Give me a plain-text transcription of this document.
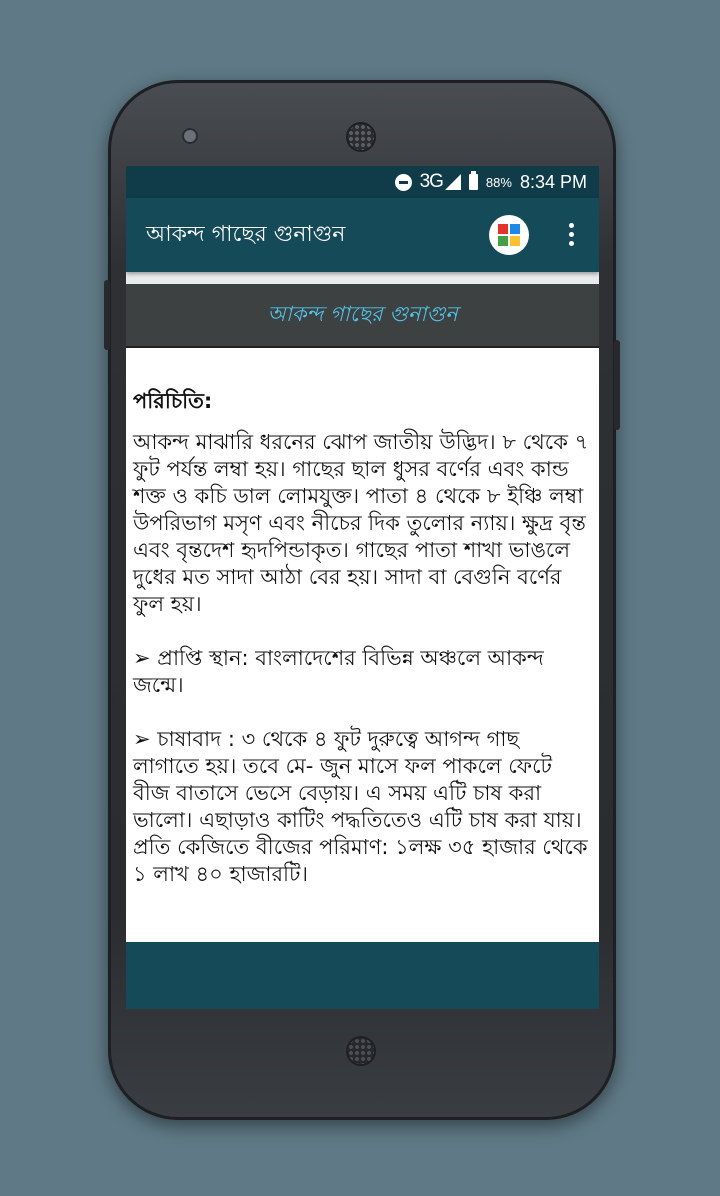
3G	88% 8:34 PM
আকন্দ গাছের গুনাগুন
আকন্দ গাছের গুনাগুন

পরিচিতি:

আকন্দ মাঝারি ধরনের ঝোপ জাতীয় উদ্ভিদ। ৮ থেকে ৭ ফুট পর্যন্ত লম্বা হয়। গাছের ছাল ধুসর বর্ণের এবং কান্ড শক্ত ও কচি ডাল লোমযুক্ত। পাতা ৪ থেকে ৮ ইঞ্চি লম্বা উপরিভাগ মসৃণ এবং নীচের দিক তুলোর ন্যায়। ক্ষুদ্র বৃন্ত এবং বৃন্তদেশ হৃদপিন্ডাকৃত। গাছের পাতা শাখা ভাঙলে দুধের মত সাদা আঠা বের হয়। সাদা বা বেগুনি বর্ণের ফুল হয়।

➢ প্রাপ্তি স্থান: বাংলাদেশের বিভিন্ন অঞ্চলে আকন্দ জন্মে।

➢ চাষাবাদ : ৩ থেকে ৪ ফুট দুরুত্বে আগন্দ গাছ লাগাতে হয়। তবে মে- জুন মাসে ফল পাকলে ফেটে বীজ বাতাসে ভেসে বেড়ায়। এ সময় এটি চাষ করা ভালো। এছাড়াও কাটিং পদ্ধতিতেও এটি চাষ করা যায়। প্রতি কেজিতে বীজের পরিমাণ: ১লক্ষ ৩৫ হাজার থেকে ১ লাখ ৪০ হাজারটি।
